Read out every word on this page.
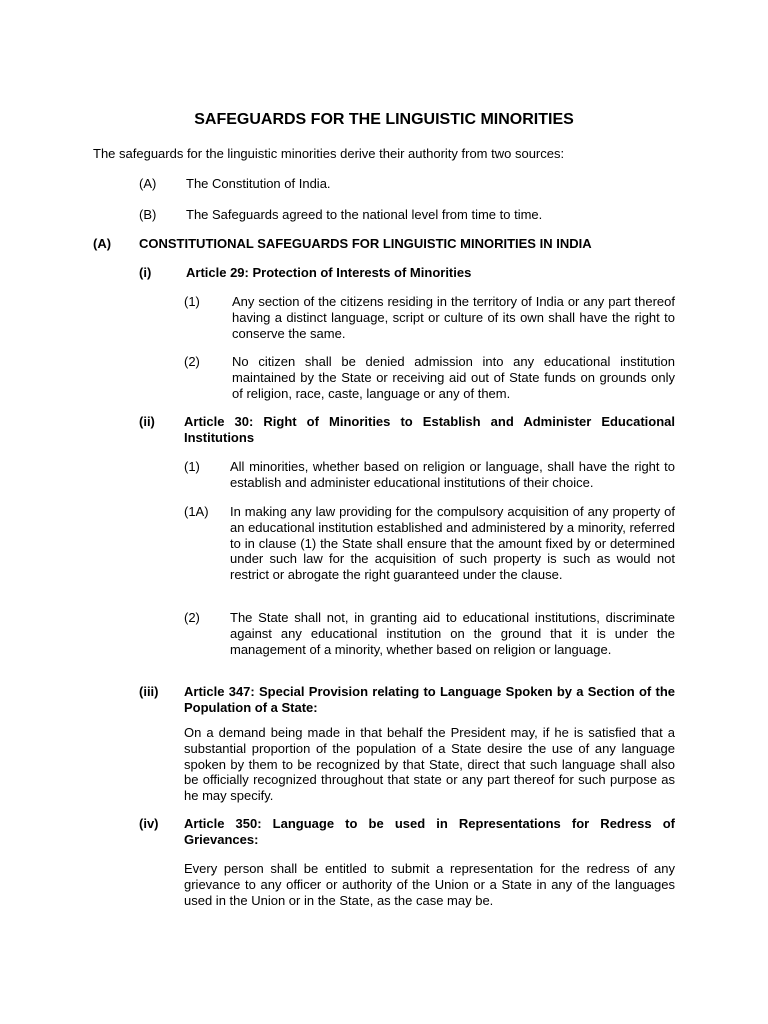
SAFEGUARDS FOR THE LINGUISTIC MINORITIES
The safeguards for the linguistic minorities derive their authority from two sources:
(A) The Constitution of India.
(B) The Safeguards agreed to the national level from time to time.
(A) CONSTITUTIONAL SAFEGUARDS FOR LINGUISTIC MINORITIES IN INDIA
(i)	Article 29: Protection of Interests of Minorities
(1) Any section of the citizens residing in the territory of India or any part thereof having a distinct language, script or culture of its own shall have the right to conserve the same.
(2) No citizen shall be denied admission into any educational institution maintained by the State or receiving aid out of State funds on grounds only of religion, race, caste, language or any of them.
(ii) Article 30: Right of Minorities to Establish and Administer Educational Institutions
(1) All minorities, whether based on religion or language, shall have the right to establish and administer educational institutions of their choice.
(1A) In making any law providing for the compulsory acquisition of any property of an educational institution established and administered by a minority, referred to in clause (1) the State shall ensure that the amount fixed by or determined under such law for the acquisition of such property is such as would not restrict or abrogate the right guaranteed under the clause.
(2) The State shall not, in granting aid to educational institutions, discriminate against any educational institution on the ground that it is under the management of a minority, whether based on religion or language.
(iii) Article 347: Special Provision relating to Language Spoken by a Section of the Population of a State:
On a demand being made in that behalf the President may, if he is satisfied that a substantial proportion of the population of a State desire the use of any language spoken by them to be recognized by that State, direct that such language shall also be officially recognized throughout that state or any part thereof for such purpose as he may specify.
(iv) Article 350: Language to be used in Representations for Redress of Grievances:
Every person shall be entitled to submit a representation for the redress of any grievance to any officer or authority of the Union or a State in any of the languages used in the Union or in the State, as the case may be.
